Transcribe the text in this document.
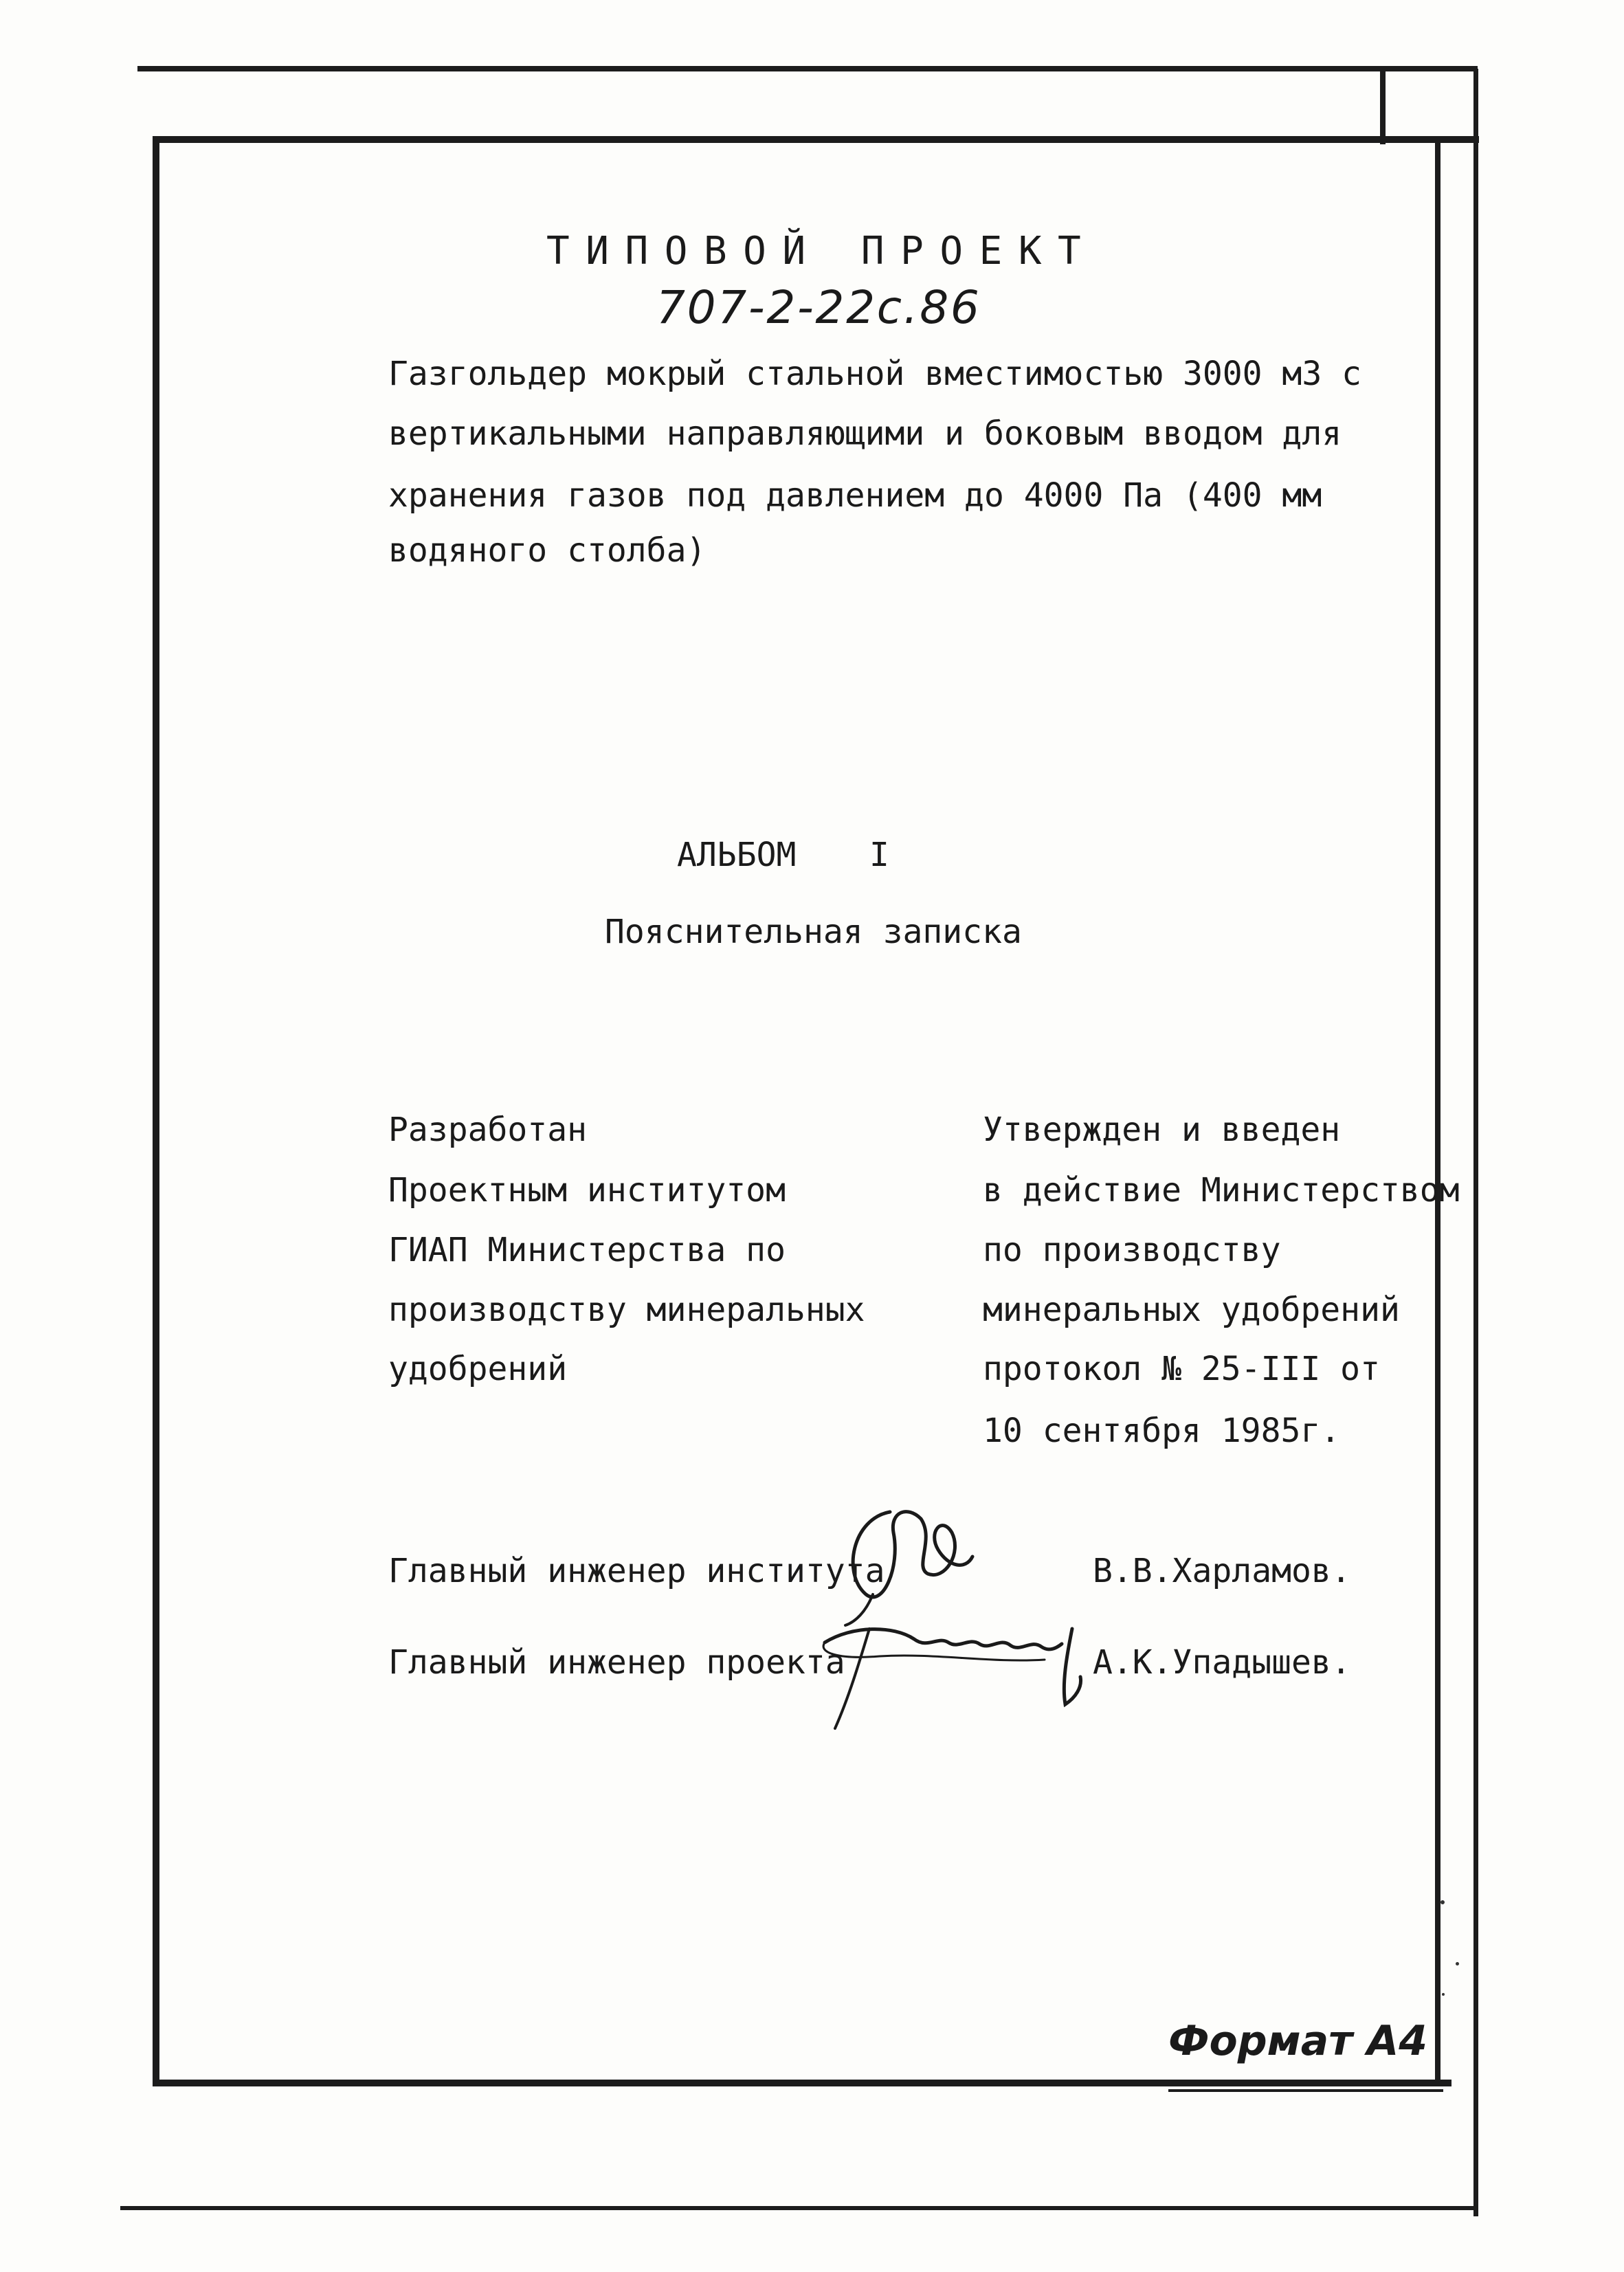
ТИПОВОЙ ПРОЕКТ
707-2-22с.86
Газгольдер мокрый стальной вместимостью 3000 м3 с
вертикальными направляющими и боковым вводом для
хранения газов под давлением до 4000 Па (400 мм
водяного столба)
АЛЬБОМ I
Пояснительная записка
Разработан
Проектным институтом
ГИАП Министерства по
производству минеральных
удобрений
Утвержден и введен
в действие Министерством
по производству
минеральных удобрений
протокол № 25-III от
10 сентября 1985г.
Главный инженер института	В.В.Харламов.
Главный инженер проекта	А.К.Упадышев.
Формат А4
